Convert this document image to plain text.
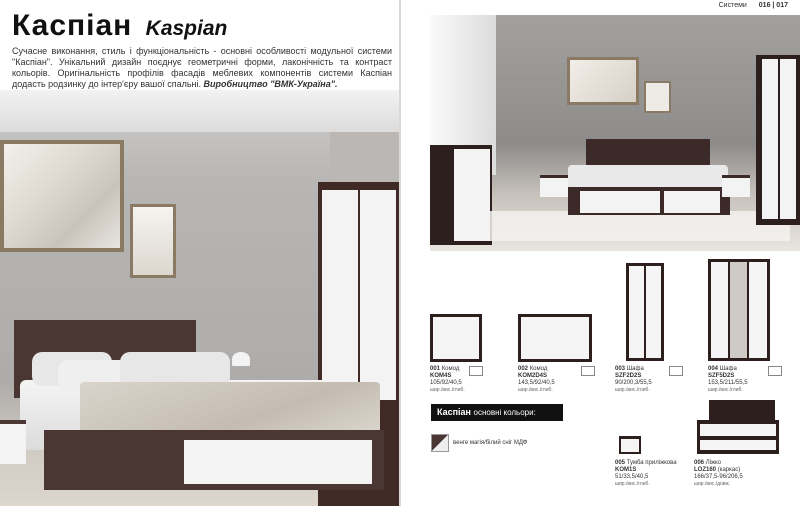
Каспіан Kaspian
Сучасне виконання, стиль і функціональність - основні особливості модульної системи "Каспіан". Унікальний дизайн поєднує геометричні форми, лаконічність та контраст кольорів. Оригінальність профілів фасадів меблевих компонентів системи Каспіан додасть родзинку до інтер'єру вашої спальні. Виробництво "ВМК-Україна".
Системи 016 | 017
001 Комод
KOM4S
105/92/40,5
шир./вис./глиб.
002 Комод
KOM2D4S
143,5/92/40,5
шир./вис./глиб.
003 Шафа
SZF2D2S
90/200,3/55,5
шир./вис./глиб.
004 Шафа
SZF5D2S
153,5/211/55,5
шир./вис./глиб.
Каспіан основні кольори:
венге магія/білий сніг МДФ
005 Тумба приліжкова
KOM1S
51/33,5/40,5
шир./вис./глиб.
006 Ліжко
LOZ160 (каркас)
166/37,5-96/206,5
шир./вис./довж.
